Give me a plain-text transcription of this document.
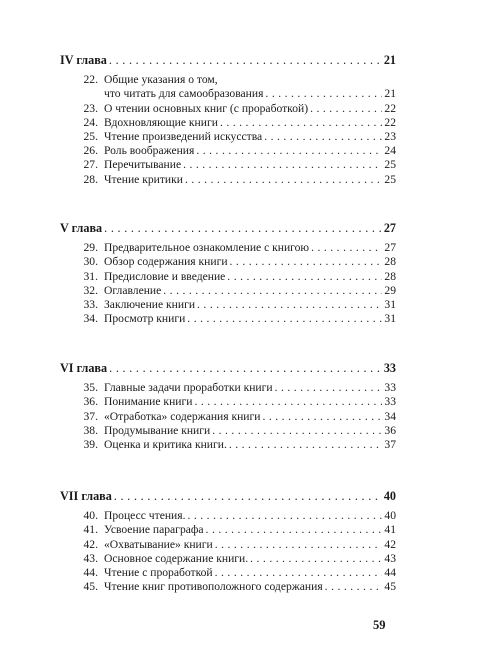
IV глава . . .	21
22. Общие указания о том,
что читать для самообразования . . .	21
23. О чтении основных книг (с проработкой) . . .	22
24. Вдохновляющие книги . . .	22
25. Чтение произведений искусства . . .	23
26. Роль воображения . . .	24
27. Перечитывание . . .	25
28. Чтение критики . . .	25
V глава . . .	27
29. Предварительное ознакомление с книгою . . .	27
30. Обзор содержания книги . . .	28
31. Предисловие и введение . . .	28
32. Оглавление . . .	29
33. Заключение книги . . .	31
34. Просмотр книги . . .	31
VI глава . . .	33
35. Главные задачи проработки книги . . .	33
36. Понимание книги . . .	33
37. «Отработка» содержания книги . . .	34
38. Продумывание книги . . .	36
39. Оценка и критика книги. . . .	37
VII глава . . .	40
40. Процесс чтения. . . .	40
41. Усвоение параграфа . . .	41
42. «Охватывание» книги . . .	42
43. Основное содержание книги. . . .	43
44. Чтение с проработкой . . .	44
45. Чтение книг противоположного содержания . . .	45
59
